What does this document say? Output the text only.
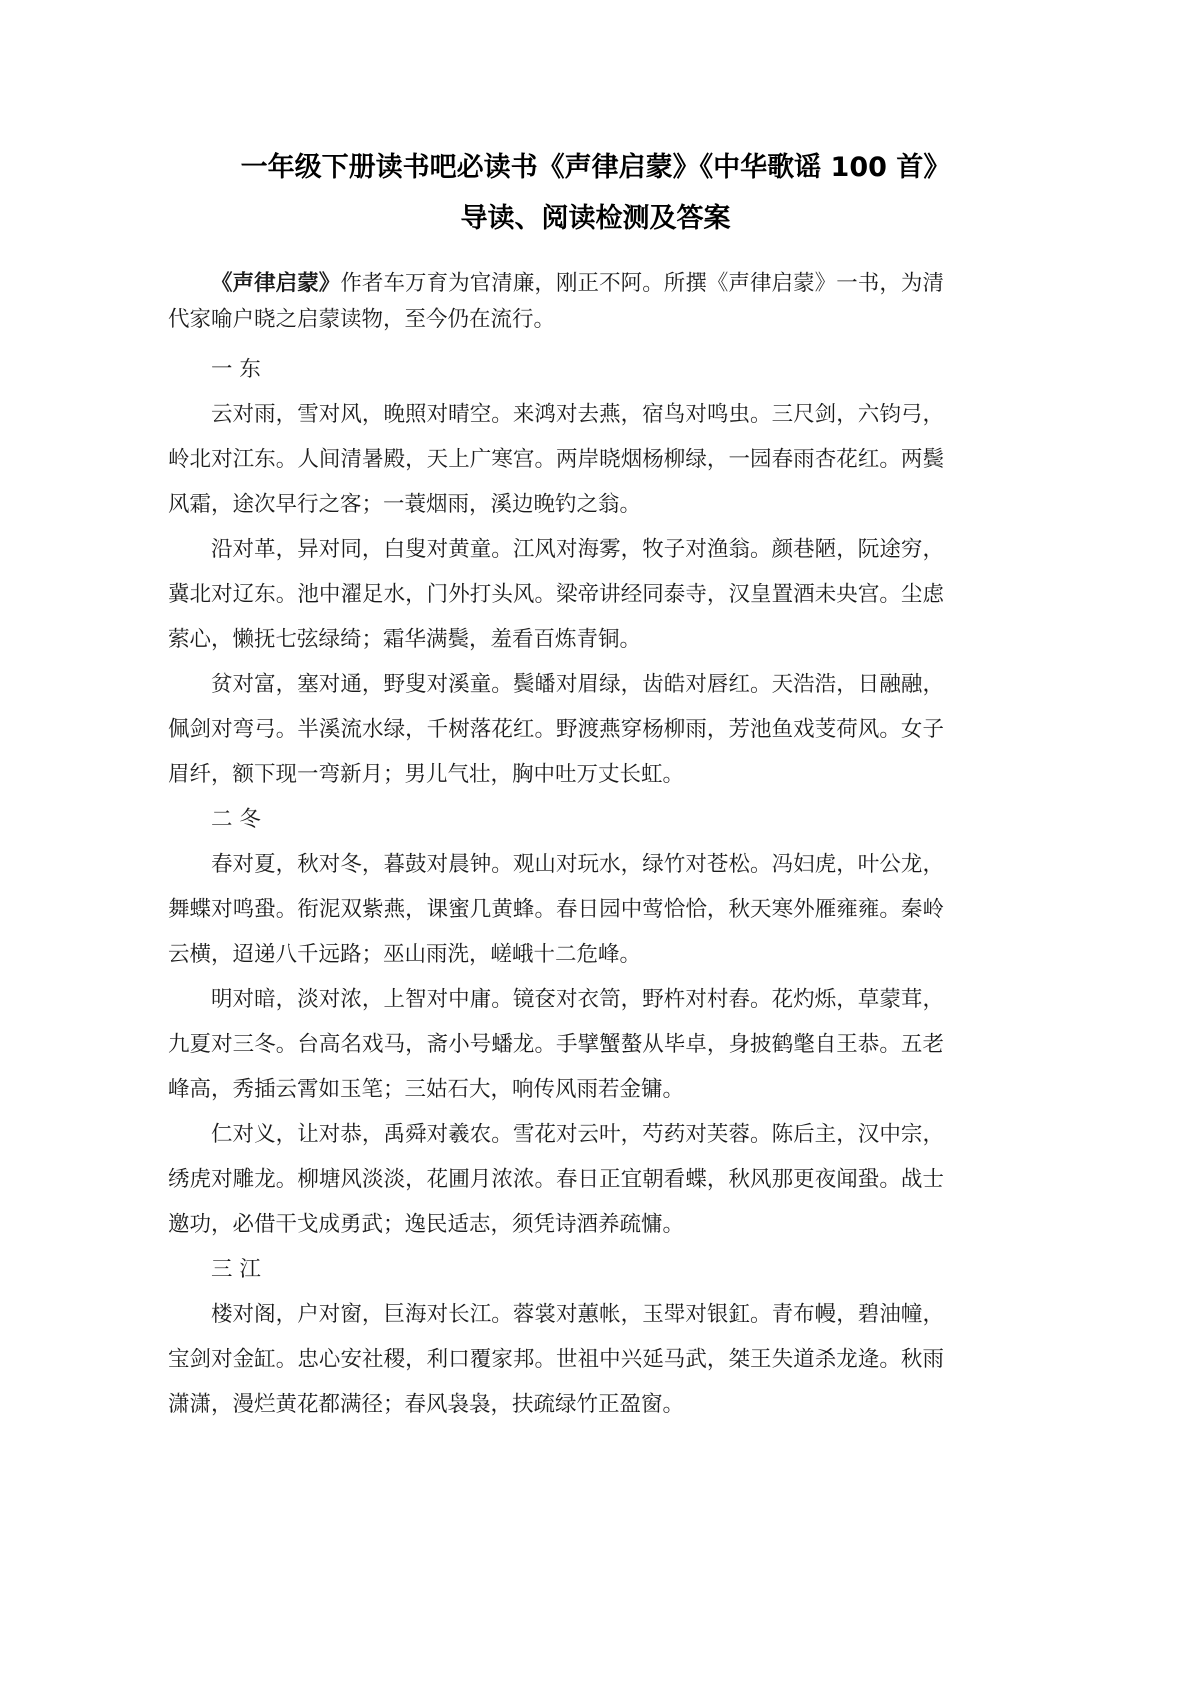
一年级下册读书吧必读书《声律启蒙》《中华歌谣 100 首》
导读、阅读检测及答案

《声律启蒙》作者车万育为官清廉，刚正不阿。所撰《声律启蒙》一书，为清代家喻户晓之启蒙读物，至今仍在流行。

一 东

云对雨，雪对风，晚照对晴空。来鸿对去燕，宿鸟对鸣虫。三尺剑，六钧弓，岭北对江东。人间清暑殿，天上广寒宫。两岸晓烟杨柳绿，一园春雨杏花红。两鬓风霜，途次早行之客；一蓑烟雨，溪边晚钓之翁。

沿对革，异对同，白叟对黄童。江风对海雾，牧子对渔翁。颜巷陋，阮途穷，冀北对辽东。池中濯足水，门外打头风。梁帝讲经同泰寺，汉皇置酒未央宫。尘虑萦心，懒抚七弦绿绮；霜华满鬓，羞看百炼青铜。

贫对富，塞对通，野叟对溪童。鬓皤对眉绿，齿皓对唇红。天浩浩，日融融，佩剑对弯弓。半溪流水绿，千树落花红。野渡燕穿杨柳雨，芳池鱼戏芰荷风。女子眉纤，额下现一弯新月；男儿气壮，胸中吐万丈长虹。

二 冬

春对夏，秋对冬，暮鼓对晨钟。观山对玩水，绿竹对苍松。冯妇虎，叶公龙，舞蝶对鸣蛩。衔泥双紫燕，课蜜几黄蜂。春日园中莺恰恰，秋天寒外雁雍雍。秦岭云横，迢递八千远路；巫山雨洗，嵯峨十二危峰。

明对暗，淡对浓，上智对中庸。镜奁对衣笥，野杵对村舂。花灼烁，草蒙茸，九夏对三冬。台高名戏马，斋小号蟠龙。手擘蟹螯从毕卓，身披鹤氅自王恭。五老峰高，秀插云霄如玉笔；三姑石大，响传风雨若金镛。

仁对义，让对恭，禹舜对羲农。雪花对云叶，芍药对芙蓉。陈后主，汉中宗，绣虎对雕龙。柳塘风淡淡，花圃月浓浓。春日正宜朝看蝶，秋风那更夜闻蛩。战士邀功，必借干戈成勇武；逸民适志，须凭诗酒养疏慵。

三 江

楼对阁，户对窗，巨海对长江。蓉裳对蕙帐，玉斝对银釭。青布幔，碧油幢，宝剑对金缸。忠心安社稷，利口覆家邦。世祖中兴延马武，桀王失道杀龙逄。秋雨潇潇，漫烂黄花都满径；春风袅袅，扶疏绿竹正盈窗。
